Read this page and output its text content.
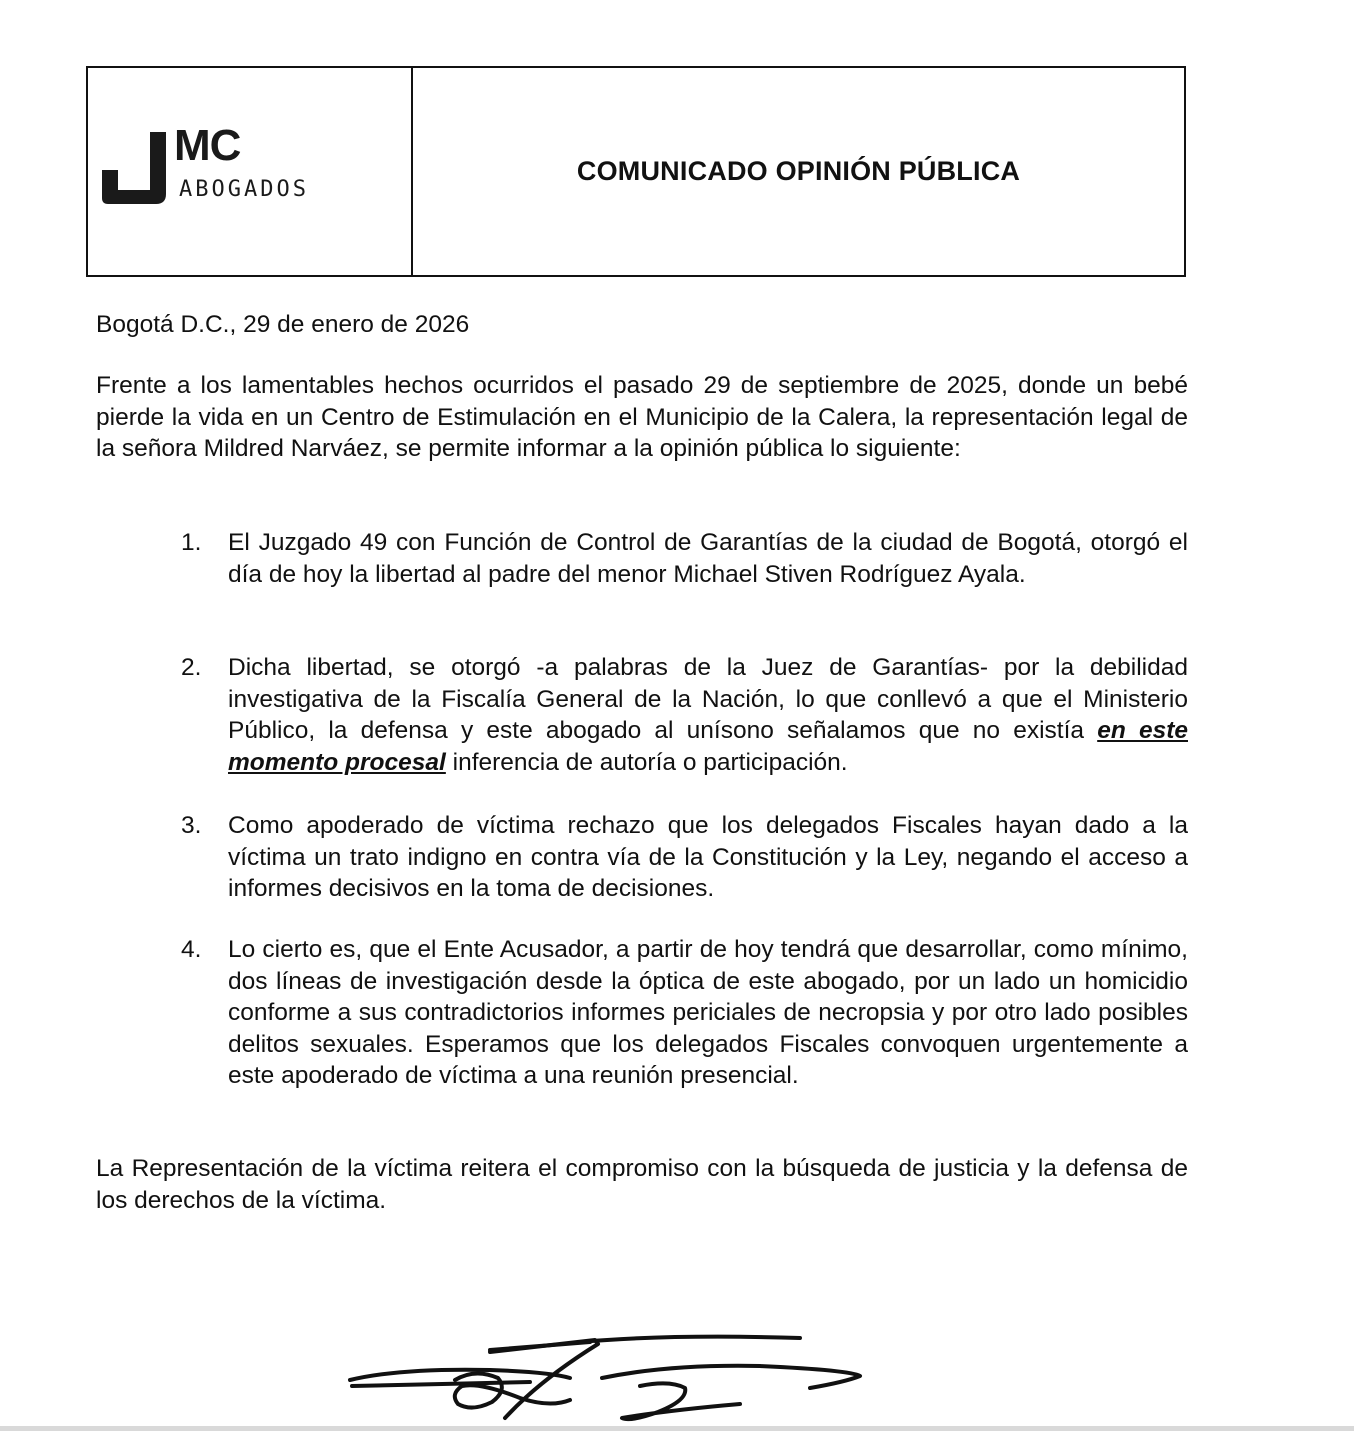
MC
ABOGADOS
COMUNICADO OPINIÓN PÚBLICA
Bogotá D.C., 29 de enero de 2026
Frente a los lamentables hechos ocurridos el pasado 29 de septiembre de 2025, donde un bebé pierde la vida en un Centro de Estimulación en el Municipio de la Calera, la representación legal de la señora Mildred Narváez, se permite informar a la opinión pública lo siguiente:
1.	El Juzgado 49 con Función de Control de Garantías de la ciudad de Bogotá, otorgó el día de hoy la libertad al padre del menor Michael Stiven Rodríguez Ayala.
2.	Dicha libertad, se otorgó -a palabras de la Juez de Garantías- por la debilidad investigativa de la Fiscalía General de la Nación, lo que conllevó a que el Ministerio Público, la defensa y este abogado al unísono señalamos que no existía en este momento procesal inferencia de autoría o participación.
3.	Como apoderado de víctima rechazo que los delegados Fiscales hayan dado a la víctima un trato indigno en contra vía de la Constitución y la Ley, negando el acceso a informes decisivos en la toma de decisiones.
4.	Lo cierto es, que el Ente Acusador, a partir de hoy tendrá que desarrollar, como mínimo, dos líneas de investigación desde la óptica de este abogado, por un lado un homicidio conforme a sus contradictorios informes periciales de necropsia y por otro lado posibles delitos sexuales. Esperamos que los delegados Fiscales convoquen urgentemente a este apoderado de víctima a una reunión presencial.
La Representación de la víctima reitera el compromiso con la búsqueda de justicia y la defensa de los derechos de la víctima.
